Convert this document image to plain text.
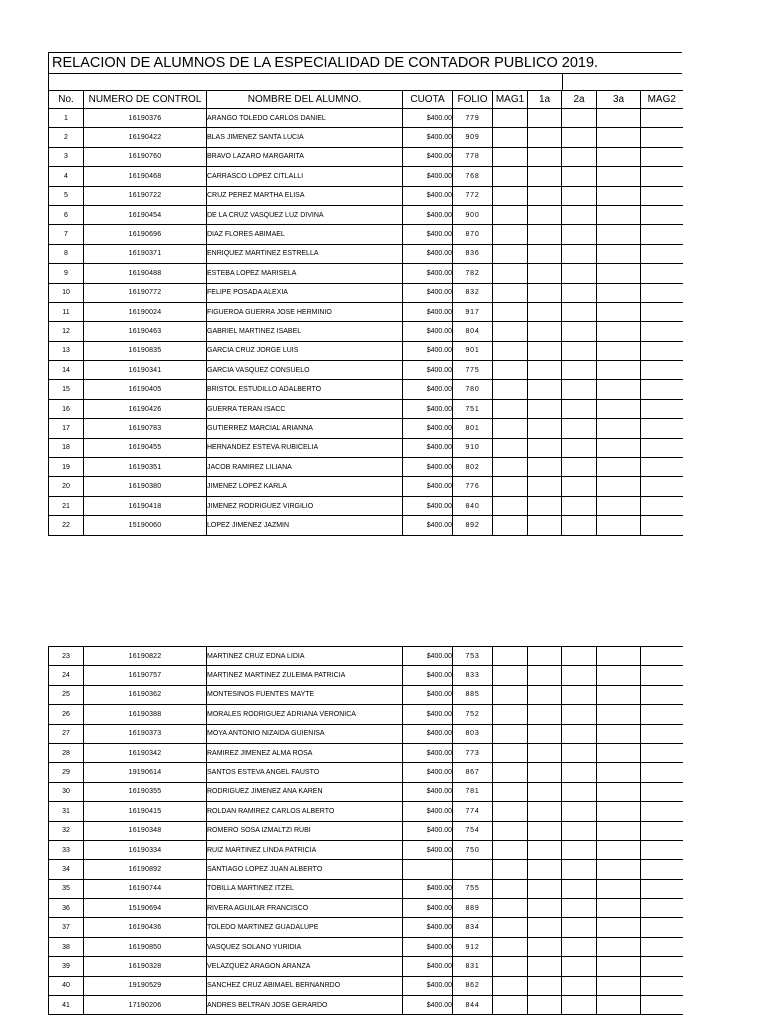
RELACION DE ALUMNOS DE LA ESPECIALIDAD DE CONTADOR PUBLICO 2019.
No.	NUMERO DE CONTROL	NOMBRE DEL ALUMNO.	CUOTA	FOLIO	MAG1	1a	2a	3a	MAG2
1	16190376	ARANGO TOLEDO CARLOS DANIEL	$400.00	779					
2	16190422	BLAS JIMENEZ SANTA LUCIA	$400.00	909					
3	16190760	BRAVO LAZARO MARGARITA	$400.00	778					
4	16190468	CARRASCO LOPEZ CITLALLI	$400.00	768					
5	16190722	CRUZ PEREZ MARTHA ELISA	$400.00	772					
6	16190454	DE LA CRUZ VASQUEZ LUZ DIVINA	$400.00	900					
7	16190696	DIAZ FLORES ABIMAEL	$400.00	870					
8	16190371	ENRIQUEZ MARTINEZ ESTRELLA	$400.00	836					
9	16190488	ESTEBA LOPEZ MARISELA	$400.00	782					
10	16190772	FELIPE POSADA ALEXIA	$400.00	832					
11	16190024	FIGUEROA GUERRA JOSE HERMINIO	$400.00	917					
12	16190463	GABRIEL MARTINEZ ISABEL	$400.00	804					
13	16190835	GARCIA CRUZ JORGE LUIS	$400.00	901					
14	16190341	GARCIA VASQUEZ CONSUELO	$400.00	775					
15	16190405	BRISTOL ESTUDILLO ADALBERTO	$400.00	780					
16	16190426	GUERRA TERAN ISACC	$400.00	751					
17	16190783	GUTIERREZ MARCIAL ARIANNA	$400.00	801					
18	16190455	HERNANDEZ ESTEVA RUBICELIA	$400.00	910					
19	16190351	JACOB RAMIREZ LILIANA	$400.00	802					
20	16190380	JIMENEZ LOPEZ KARLA	$400.00	776					
21	16190418	JIMENEZ RODRIGUEZ VIRGILIO	$400.00	840					
22	15190060	LOPEZ JIMENEZ JAZMIN	$400.00	892					
23	16190822	MARTINEZ CRUZ EDNA LIDIA	$400.00	753					
24	16190757	MARTINEZ MARTINEZ ZULEIMA PATRICIA	$400.00	833					
25	16190362	MONTESINOS FUENTES MAYTE	$400.00	885					
26	16190388	MORALES RODRIGUEZ ADRIANA VERONICA	$400.00	752					
27	16190373	MOYA ANTONIO NIZAIDA GUIENISA	$400.00	803					
28	16190342	RAMIREZ JIMENEZ ALMA ROSA	$400.00	773					
29	19190614	SANTOS ESTEVA ANGEL FAUSTO	$400.00	867					
30	16190355	RODRIGUEZ JIMENEZ ANA KAREN	$400.00	781					
31	16190415	ROLDAN RAMIREZ CARLOS ALBERTO	$400.00	774					
32	16190348	ROMERO SOSA IZMALTZI RUBI	$400.00	754					
33	16190334	RUIZ MARTINEZ LINDA PATRICIA	$400.00	750					
34	16190892	SANTIAGO LOPEZ JUAN ALBERTO							
35	16190744	TOBILLA MARTINEZ ITZEL	$400.00	755					
36	15190694	RIVERA AGUILAR FRANCISCO	$400.00	889					
37	16190436	TOLEDO MARTINEZ GUADALUPE	$400.00	834					
38	16190850	VASQUEZ SOLANO YURIDIA	$400.00	912					
39	16190328	VELAZQUEZ ARAGON ARANZA	$400.00	831					
40	19190529	SANCHEZ CRUZ ABIMAEL BERNANRDO	$400.00	862					
41	17190206	ANDRES BELTRAN JOSE GERARDO	$400.00	844					
